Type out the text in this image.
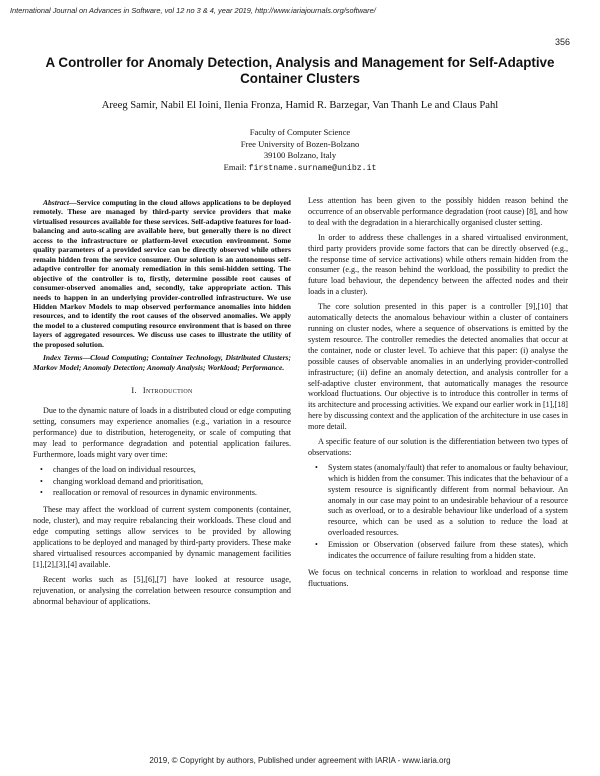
International Journal on Advances in Software, vol 12 no 3 & 4, year 2019, http://www.iariajournals.org/software/
356
A Controller for Anomaly Detection, Analysis and Management for Self-Adaptive
Container Clusters
Areeg Samir, Nabil El Ioini, Ilenia Fronza, Hamid R. Barzegar, Van Thanh Le and Claus Pahl
Faculty of Computer Science
Free University of Bozen-Bolzano
39100 Bolzano, Italy
Email: firstname.surname@unibz.it

Abstract—Service computing in the cloud allows applications to be deployed remotely. These are managed by third-party service providers that make virtualised resources available for these services. Self-adaptive features for load-balancing and auto-scaling are available here, but generally there is no direct access to the infrastructure or platform-level execution environment. Some quality parameters of a provided service can be directly observed while others remain hidden from the service consumer. Our solution is an autonomous self-adaptive controller for anomaly remediation in this semi-hidden setting. The objective of the controller is to, firstly, determine possible root causes of consumer-observed anomalies and, secondly, take appropriate action. This needs to happen in an underlying provider-controlled infrastructure. We use Hidden Markov Models to map observed performance anomalies into hidden resources, and to identify the root causes of the observed anomalies. We apply the model to a clustered computing resource environment that is based on three layers of aggregated resources. We discuss use cases to illustrate the utility of the proposed solution.

Index Terms—Cloud Computing; Container Technology, Distributed Clusters; Markov Model; Anomaly Detection; Anomaly Analysis; Workload; Performance.

I. Introduction

Due to the dynamic nature of loads in a distributed cloud or edge computing setting, consumers may experience anomalies (e.g., variation in a resource performance) due to distribution, heterogeneity, or scale of computing that may lead to performance degradation and potential application failures. Furthermore, loads might vary over time:

• changes of the load on individual resources,
• changing workload demand and prioritisation,
• reallocation or removal of resources in dynamic environments.

These may affect the workload of current system components (container, node, cluster), and may require rebalancing their workloads. These cloud and edge computing settings allow services to be provided by allowing applications to be deployed and managed by third-party providers. These make shared virtualised resources accompanied by dynamic management facilities [1],[2],[3],[4] available.

Recent works such as [5],[6],[7] have looked at resource usage, rejuvenation, or analysing the correlation between resource consumption and abnormal behaviour of applications.

Less attention has been given to the possibly hidden reason behind the occurrence of an observable performance degradation (root cause) [8], and how to deal with the degradation in a hierarchically organised cluster setting.

In order to address these challenges in a shared virtualised environment, third party providers provide some factors that can be directly observed (e.g., the response time of service activations) while others remain hidden from the consumer (e.g., the reason behind the workload, the possibility to predict the future load behaviour, the dependency between the affected nodes and their loads in a cluster).

The core solution presented in this paper is a controller [9],[10] that automatically detects the anomalous behaviour within a cluster of containers running on cluster nodes, where a sequence of observations is emitted by the system resource. The controller remedies the detected anomalies that occur at the container, node or cluster level. To achieve that this paper: (i) analyse the possible causes of observable anomalies in an underlying provider-controlled infrastructure; (ii) define an anomaly detection, and analysis controller for a self-adaptive cluster environment, that automatically manages the resource workload fluctuations. Our objective is to introduce this controller in terms of its architecture and processing activities. We expand our earlier work in [1],[18] here by discussing context and the application of the architecture in use cases in more detail.

A specific feature of our solution is the differentiation between two types of observations:

• System states (anomaly/fault) that refer to anomalous or faulty behaviour, which is hidden from the consumer. This indicates that the behaviour of a system resource is significantly different from normal behaviour. An anomaly in our case may point to an undesirable behaviour of a resource such as overload, or to a desirable behaviour like underload of a system resource, which can be used as a solution to reduce the load at overloaded resources.
• Emission or Observation (observed failure from these states), which indicates the occurrence of failure resulting from a hidden state.

We focus on technical concerns in relation to workload and response time fluctuations.

2019, © Copyright by authors, Published under agreement with IARIA - www.iaria.org
